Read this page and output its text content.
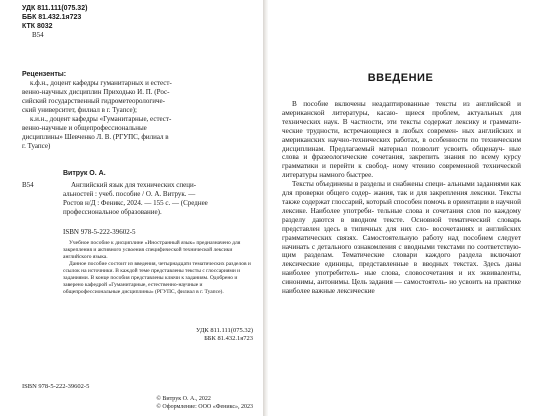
УДК 811.111(075.32)
ББК 81.432.1я723
КТК 8032
В54
Рецензенты:
к.ф.н., доцент кафедры гуманитарных и естест-
венно-научных дисциплин Приходько И. П. (Рос-
сийский государственный гидрометеорологиче-
ский университет, филиал в г. Туапсе);
к.и.н., доцент кафедры «Гуманитарные, естест-
венно-научные и общепрофессиональные
дисциплины» Шевченко Л. В. (РГУПС, филиал в
г. Туапсе)
Витрук О. А.
В54	Английский язык для технических специ-
альностей : учеб. пособие / О. А. Витрук. —
Ростов н/Д : Феникс, 2024. — 155 с. — (Среднее
профессиональное образование).
ISBN 978-5-222-39602-5

Учебное пособие к дисциплине «Иностранный язык» предназначено для закрепления и активного усвоения специфической технической лексики английского языка.

Данное пособие состоит из введения, четырнадцати тематических разделов и ссылок на источники. В каждой теме представлены тексты с глоссариями и заданиями. В конце пособия представлены ключи к заданиям. Одобрено и заверено кафедрой «Гуманитарные, естественно-научные и общепрофессиональные дисциплины» (РГУПС, филиал в г. Туапсе).

УДК 811.111(075.32)
ББК 81.432.1я723
ISBN 978-5-222-39602-5
© Витрук О. А., 2022
© Оформление: ООО «Феникс», 2023
ВВЕДЕНИЕ

В пособие включены неадаптированные тексты из английской и американской литературы, касаю- щиеся проблем, актуальных для технических наук. В частности, эти тексты содержат лексику и граммати- ческие трудности, встречающиеся в любых современ- ных английских и американских научно-технических работах, в особенности по техническим дисциплинам. Предлагаемый материал позволит усвоить общенауч- ные слова и фразеологические сочетания, закрепить знания по всему курсу грамматики и перейти к свобод- ному чтению современной технической литературы намного быстрее.

Тексты объединены в разделы и снабжены специ- альными заданиями как для проверки общего содер- жания, так и для закрепления лексики. Тексты также содержат глоссарий, который способен помочь в ориентации в научной лексике. Наиболее употреби- тельные слова и сочетания слов по каждому разделу даются в вводном тексте. Основной тематический словарь представлен здесь в типичных для них сло- восочетаниях и английских грамматических связях. Самостоятельную работу над пособием следует начинать с детального ознакомления с вводными текстами по соответствую- щим разделам. Тематические словари каждого раздела включают лексические единицы, представленные в вводных текстах. Здесь даны наиболее употребитель- ные слова, словосочетания и их эквиваленты, синонимы, антонимы. Цель задания — самостоятель- но усвоить на практике наиболее важные лексические
